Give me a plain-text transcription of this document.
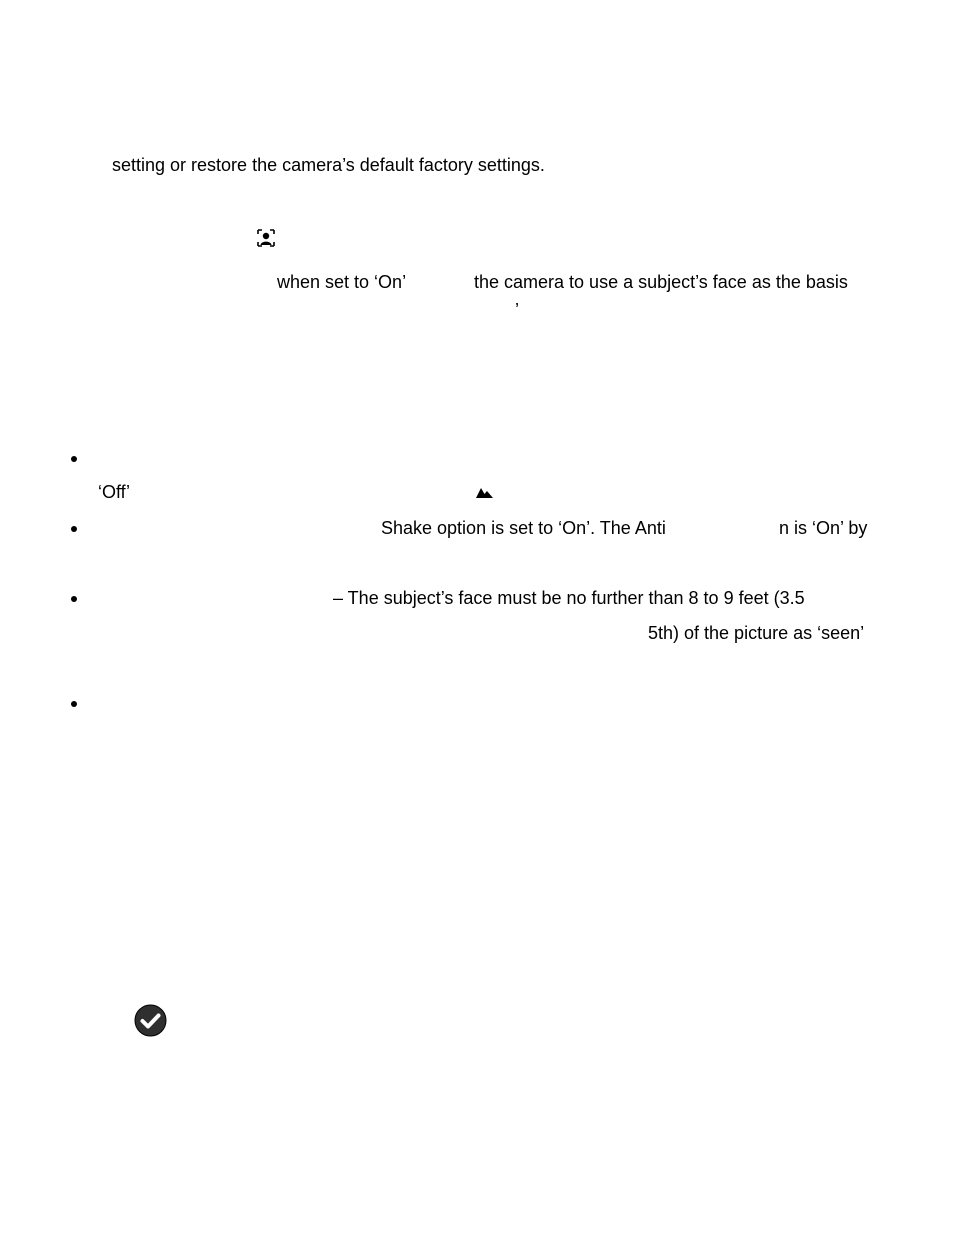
setting or restore the camera’s default factory settings.
when set to ‘On’	the camera to use a subject’s face as the basis
’
‘Off’
Shake option is set to ‘On’. The Anti	n is ‘On’ by
– The subject’s face must be no further than 8 to 9 feet (3.5
5th) of the picture as ‘seen’
